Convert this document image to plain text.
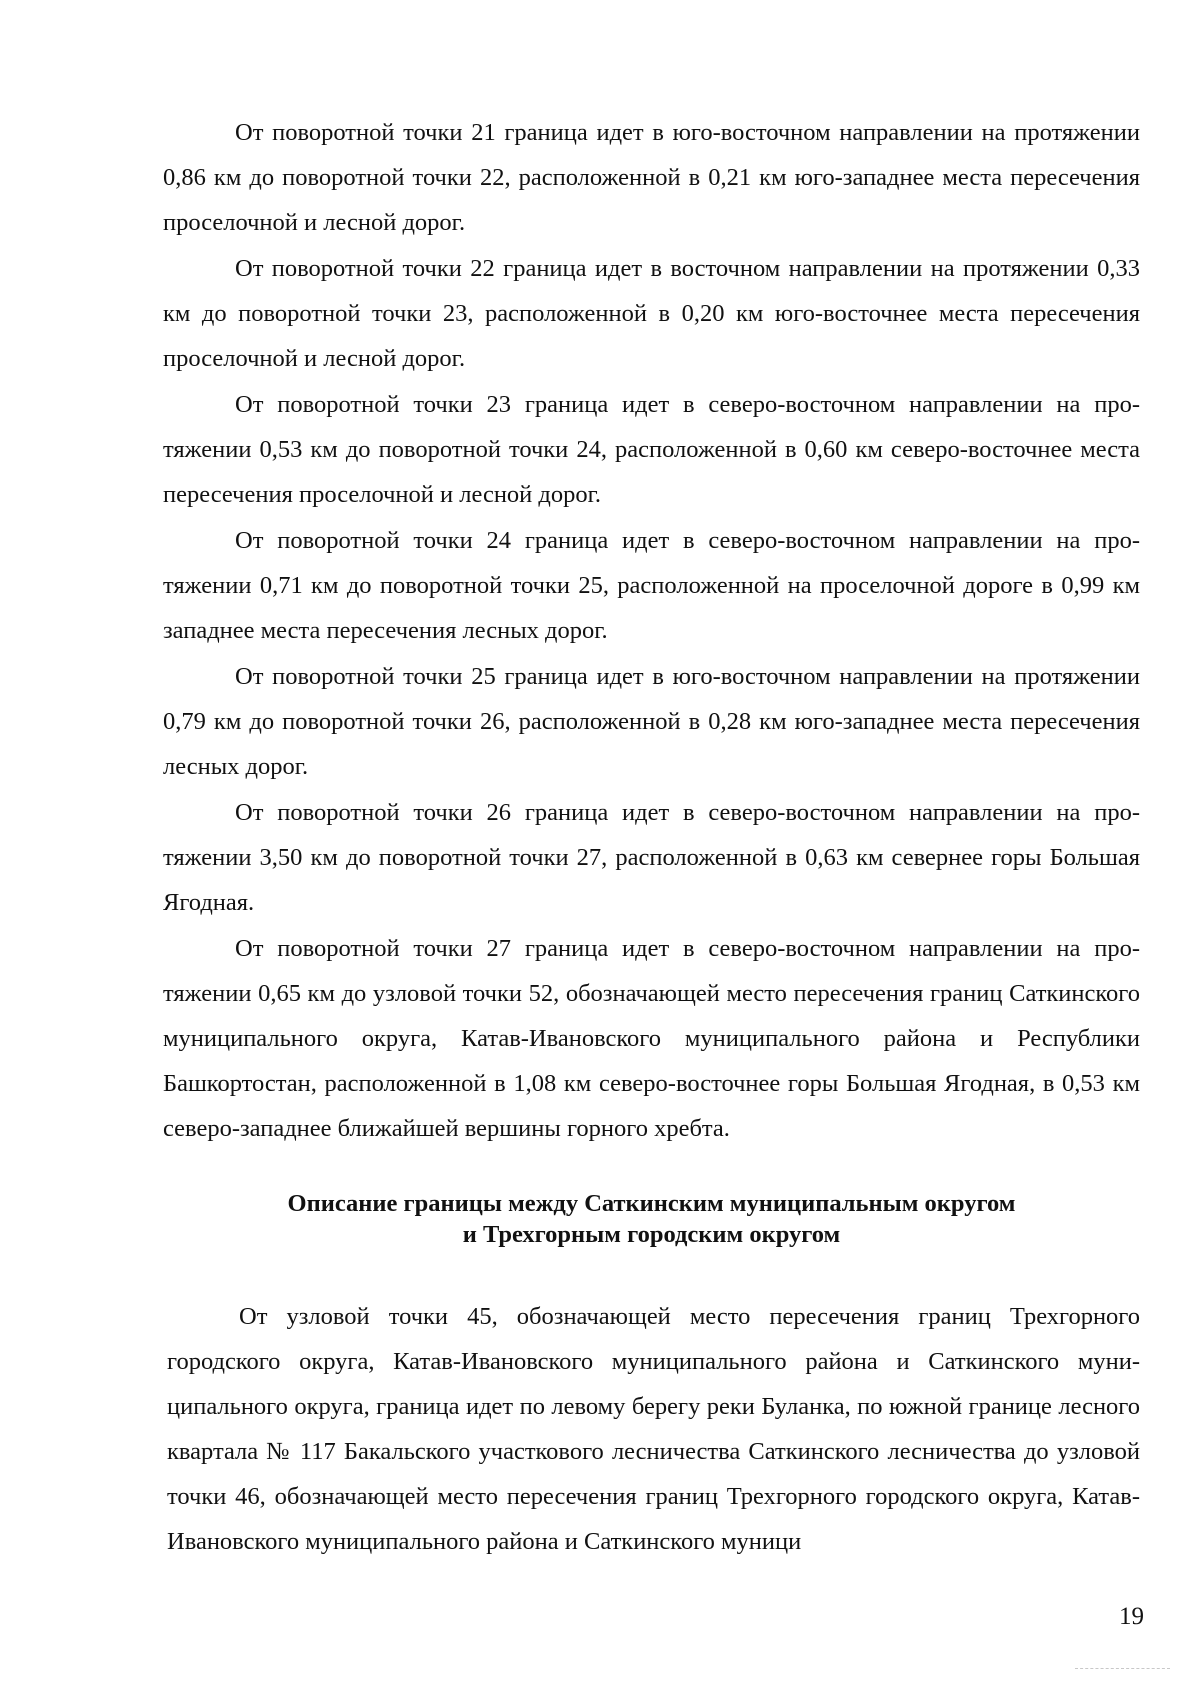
От поворотной точки 21 граница идет в юго-восточном направлении на протяжении 0,86 км до поворотной точки 22, расположенной в 0,21 км юго-западнее места пересечения проселочной и лесной дорог.

От поворотной точки 22 граница идет в восточном направлении на протяжении 0,33 км до поворотной точки 23, расположенной в 0,20 км юго-восточнее места пересечения проселочной и лесной дорог.

От поворотной точки 23 граница идет в северо-восточном направлении на протяжении 0,53 км до поворотной точки 24, расположенной в 0,60 км северо-восточнее места пересечения проселочной и лесной дорог.

От поворотной точки 24 граница идет в северо-восточном направлении на протяжении 0,71 км до поворотной точки 25, расположенной на проселочной дороге в 0,99 км западнее места пересечения лесных дорог.

От поворотной точки 25 граница идет в юго-восточном направлении на протяжении 0,79 км до поворотной точки 26, расположенной в 0,28 км юго-западнее места пересечения лесных дорог.

От поворотной точки 26 граница идет в северо-восточном направлении на протяжении 3,50 км до поворотной точки 27, расположенной в 0,63 км севернее горы Большая Ягодная.

От поворотной точки 27 граница идет в северо-восточном направлении на протяжении 0,65 км до узловой точки 52, обозначающей место пересечения границ Саткинского муниципального округа, Катав-Ивановского муниципального района и Республики Башкортостан, расположенной в 1,08 км северо-восточнее горы Большая Ягодная, в 0,53 км северо-западнее ближайшей вершины горного хребта.

Описание границы между Саткинским муниципальным округом
и Трехгорным городским округом

От узловой точки 45, обозначающей место пересечения границ Трехгорного городского округа, Катав-Ивановского муниципального района и Саткинского муниципального округа, граница идет по левому берегу реки Буланка, по южной границе лесного квартала № 117 Бакальского участкового лесничества Саткинского лесничества до узловой точки 46, обозначающей место пересечения границ Трехгорного городского округа, Катав-Ивановского муниципального района и Саткинского муници

19
